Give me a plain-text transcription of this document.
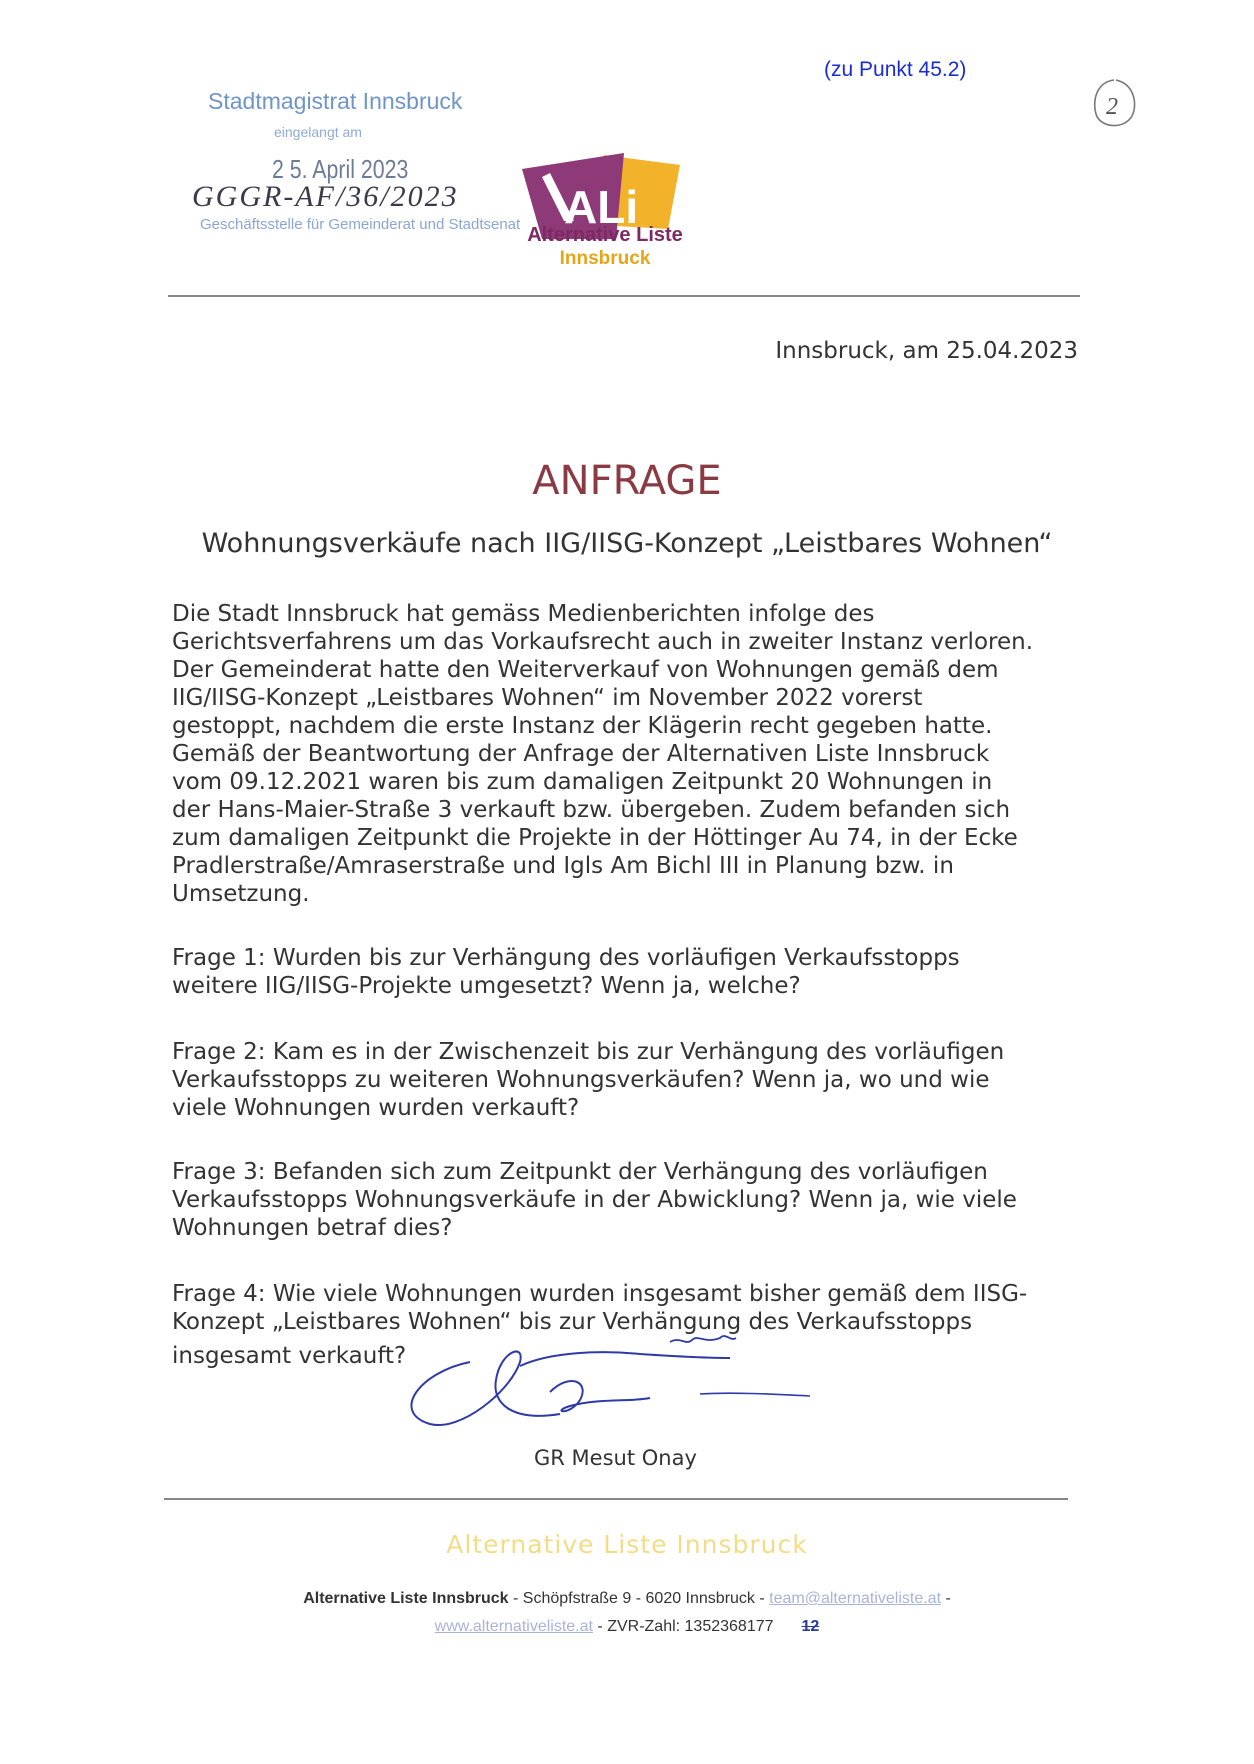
(zu Punkt 45.2)
2
Stadtmagistrat Innsbruck
eingelangt am
2 5. April 2023
GGGR-AF/36/2023
Geschäftsstelle für Gemeinderat und Stadtsenat ALi
Alternative Liste
Innsbruck
Innsbruck, am 25.04.2023
ANFRAGE
Wohnungsverkäufe nach IIG/IISG-Konzept „Leistbares Wohnen“
Die Stadt Innsbruck hat gemäss Medienberichten infolge des
Gerichtsverfahrens um das Vorkaufsrecht auch in zweiter Instanz verloren.
Der Gemeinderat hatte den Weiterverkauf von Wohnungen gemäß dem
IIG/IISG-Konzept „Leistbares Wohnen“ im November 2022 vorerst
gestoppt, nachdem die erste Instanz der Klägerin recht gegeben hatte.
Gemäß der Beantwortung der Anfrage der Alternativen Liste Innsbruck
vom 09.12.2021 waren bis zum damaligen Zeitpunkt 20 Wohnungen in
der Hans-Maier-Straße 3 verkauft bzw. übergeben. Zudem befanden sich
zum damaligen Zeitpunkt die Projekte in der Höttinger Au 74, in der Ecke
Pradlerstraße/Amraserstraße und Igls Am Bichl III in Planung bzw. in
Umsetzung.
Frage 1: Wurden bis zur Verhängung des vorläufigen Verkaufsstopps
weitere IIG/IISG-Projekte umgesetzt? Wenn ja, welche?
Frage 2: Kam es in der Zwischenzeit bis zur Verhängung des vorläufigen
Verkaufsstopps zu weiteren Wohnungsverkäufen? Wenn ja, wo und wie
viele Wohnungen wurden verkauft?
Frage 3: Befanden sich zum Zeitpunkt der Verhängung des vorläufigen
Verkaufsstopps Wohnungsverkäufe in der Abwicklung? Wenn ja, wie viele
Wohnungen betraf dies?
Frage 4: Wie viele Wohnungen wurden insgesamt bisher gemäß dem IISG-
Konzept „Leistbares Wohnen“ bis zur Verhängung des Verkaufsstopps
insgesamt verkauft?
GR Mesut Onay
Alternative Liste Innsbruck
Alternative Liste Innsbruck - Schöpfstraße 9 - 6020 Innsbruck - team@alternativeliste.at -
www.alternativeliste.at - ZVR-Zahl: 1352368177 12
